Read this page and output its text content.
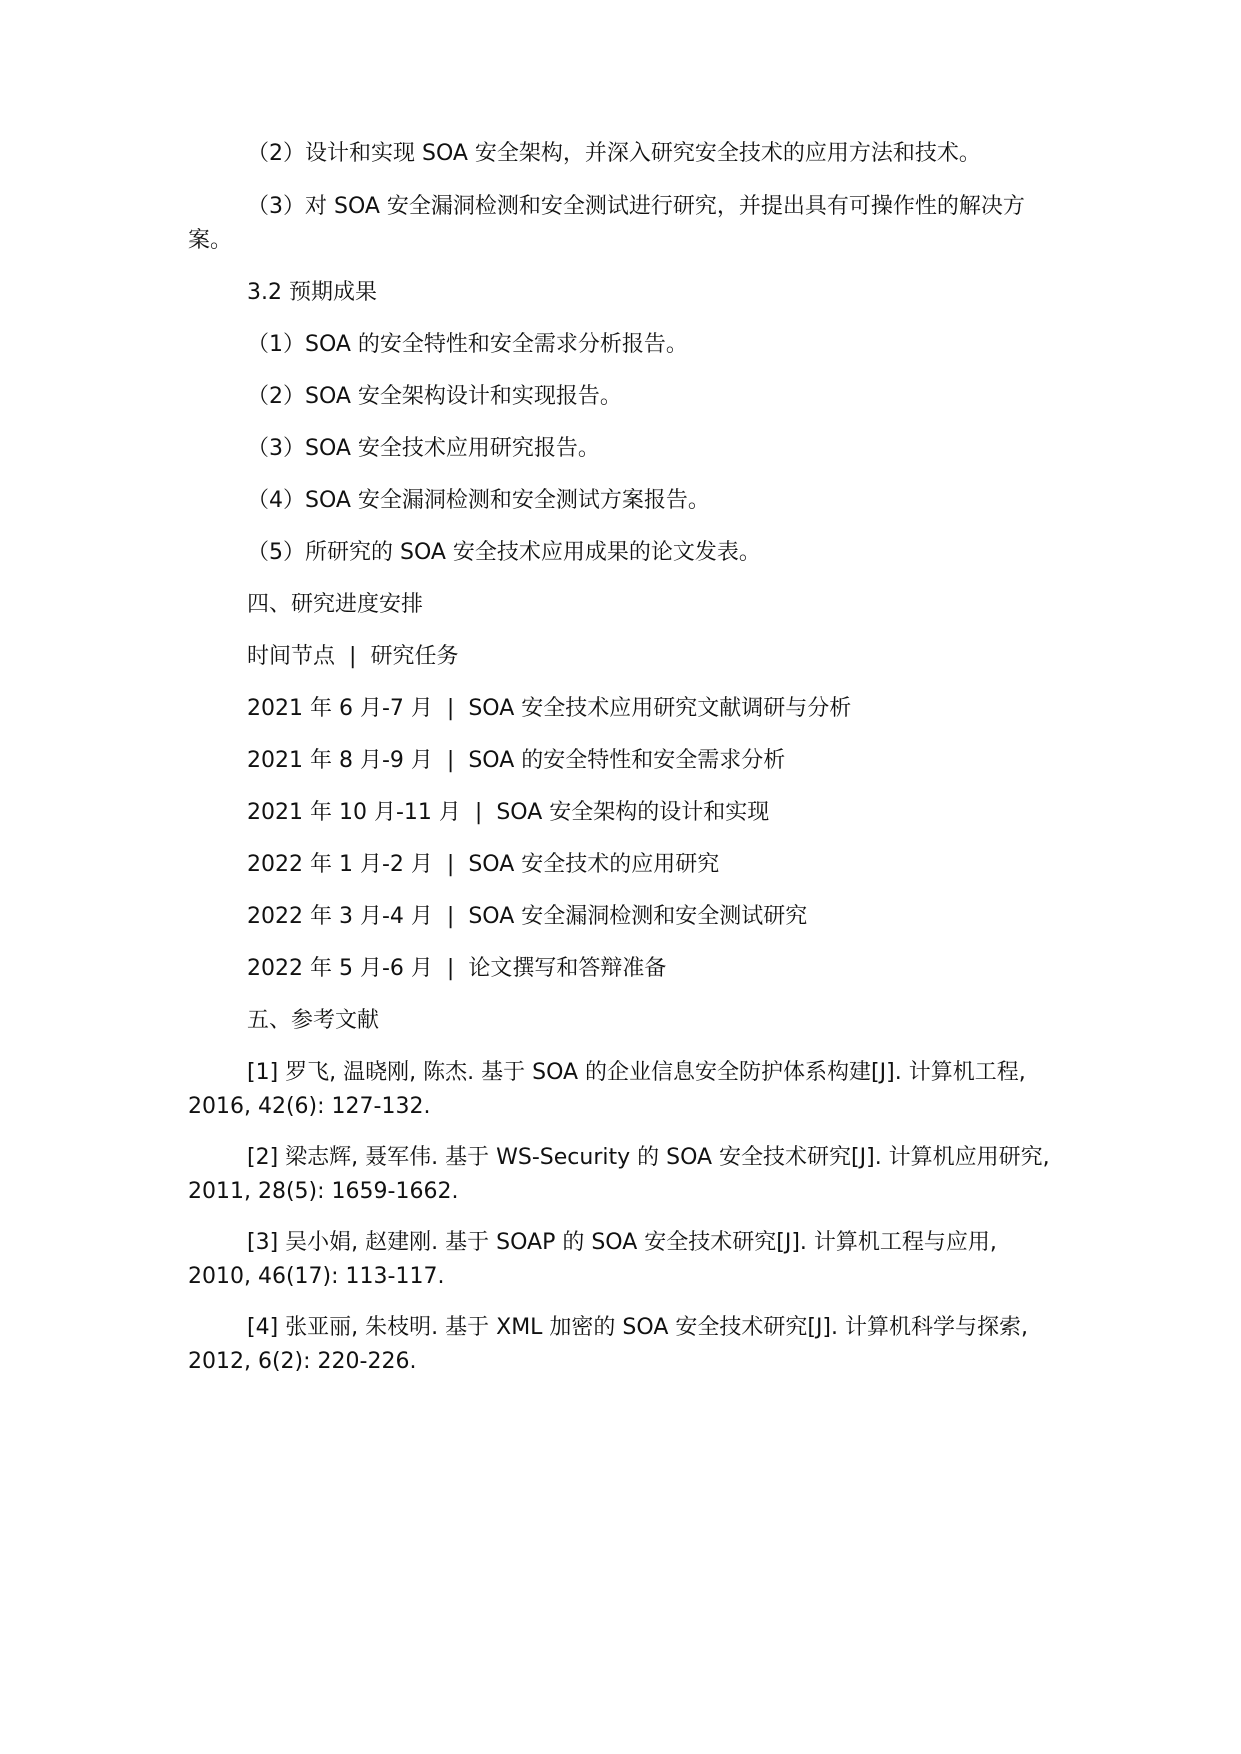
（2）设计和实现 SOA 安全架构，并深入研究安全技术的应用方法和技术。
（3）对 SOA 安全漏洞检测和安全测试进行研究，并提出具有可操作性的解决方
案。
3.2 预期成果
（1）SOA 的安全特性和安全需求分析报告。
（2）SOA 安全架构设计和实现报告。
（3）SOA 安全技术应用研究报告。
（4）SOA 安全漏洞检测和安全测试方案报告。
（5）所研究的 SOA 安全技术应用成果的论文发表。
四、研究进度安排
时间节点 | 研究任务
2021 年 6 月-7 月 | SOA 安全技术应用研究文献调研与分析
2021 年 8 月-9 月 | SOA 的安全特性和安全需求分析
2021 年 10 月-11 月 | SOA 安全架构的设计和实现
2022 年 1 月-2 月 | SOA 安全技术的应用研究
2022 年 3 月-4 月 | SOA 安全漏洞检测和安全测试研究
2022 年 5 月-6 月 | 论文撰写和答辩准备
五、参考文献
[1] 罗飞, 温晓刚, 陈杰. 基于 SOA 的企业信息安全防护体系构建[J]. 计算机工程,
2016, 42(6): 127-132.
[2] 梁志辉, 聂军伟. 基于 WS-Security 的 SOA 安全技术研究[J]. 计算机应用研究,
2011, 28(5): 1659-1662.
[3] 吴小娟, 赵建刚. 基于 SOAP 的 SOA 安全技术研究[J]. 计算机工程与应用,
2010, 46(17): 113-117.
[4] 张亚丽, 朱枝明. 基于 XML 加密的 SOA 安全技术研究[J]. 计算机科学与探索,
2012, 6(2): 220-226.
